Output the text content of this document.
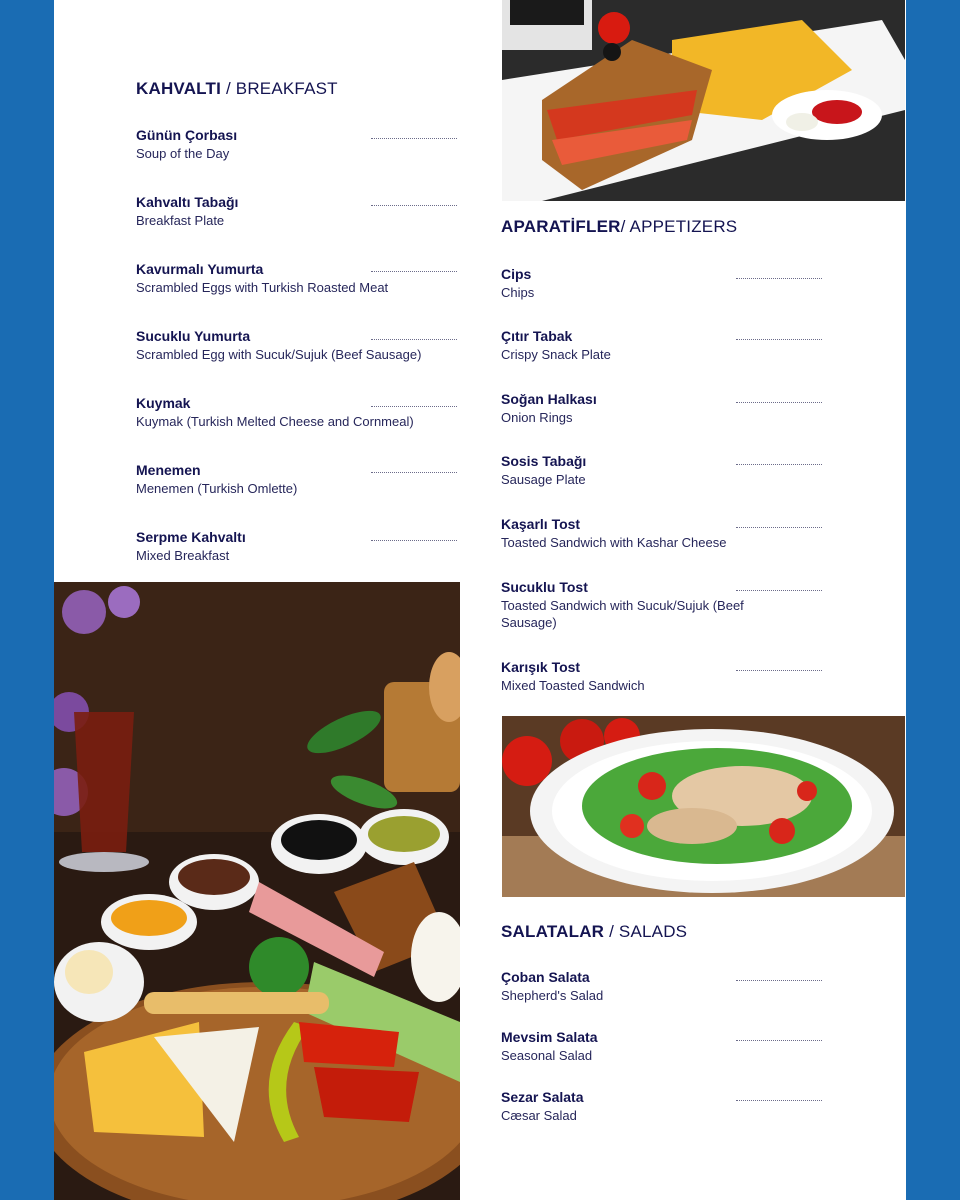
KAHVALTI / BREAKFAST
Günün Çorbası
Soup of the Day
Kahvaltı Tabağı
Breakfast Plate
Kavurmalı Yumurta
Scrambled Eggs with Turkish Roasted Meat
Sucuklu Yumurta
Scrambled Egg with Sucuk/Sujuk (Beef Sausage)
Kuymak
Kuymak (Turkish Melted Cheese and Cornmeal)
Menemen
Menemen (Turkish Omlette)
Serpme Kahvaltı
Mixed Breakfast
APARATİFLER/ APPETIZERS
Cips
Chips
Çıtır Tabak
Crispy Snack Plate
Soğan Halkası
Onion Rings
Sosis Tabağı
Sausage Plate
Kaşarlı Tost
Toasted Sandwich with Kashar Cheese
Sucuklu Tost
Toasted Sandwich with Sucuk/Sujuk (Beef Sausage)
Karışık Tost
Mixed Toasted Sandwich
SALATALAR / SALADS
Çoban Salata
Shepherd's Salad
Mevsim Salata
Seasonal Salad
Sezar Salata
Cæsar Salad
